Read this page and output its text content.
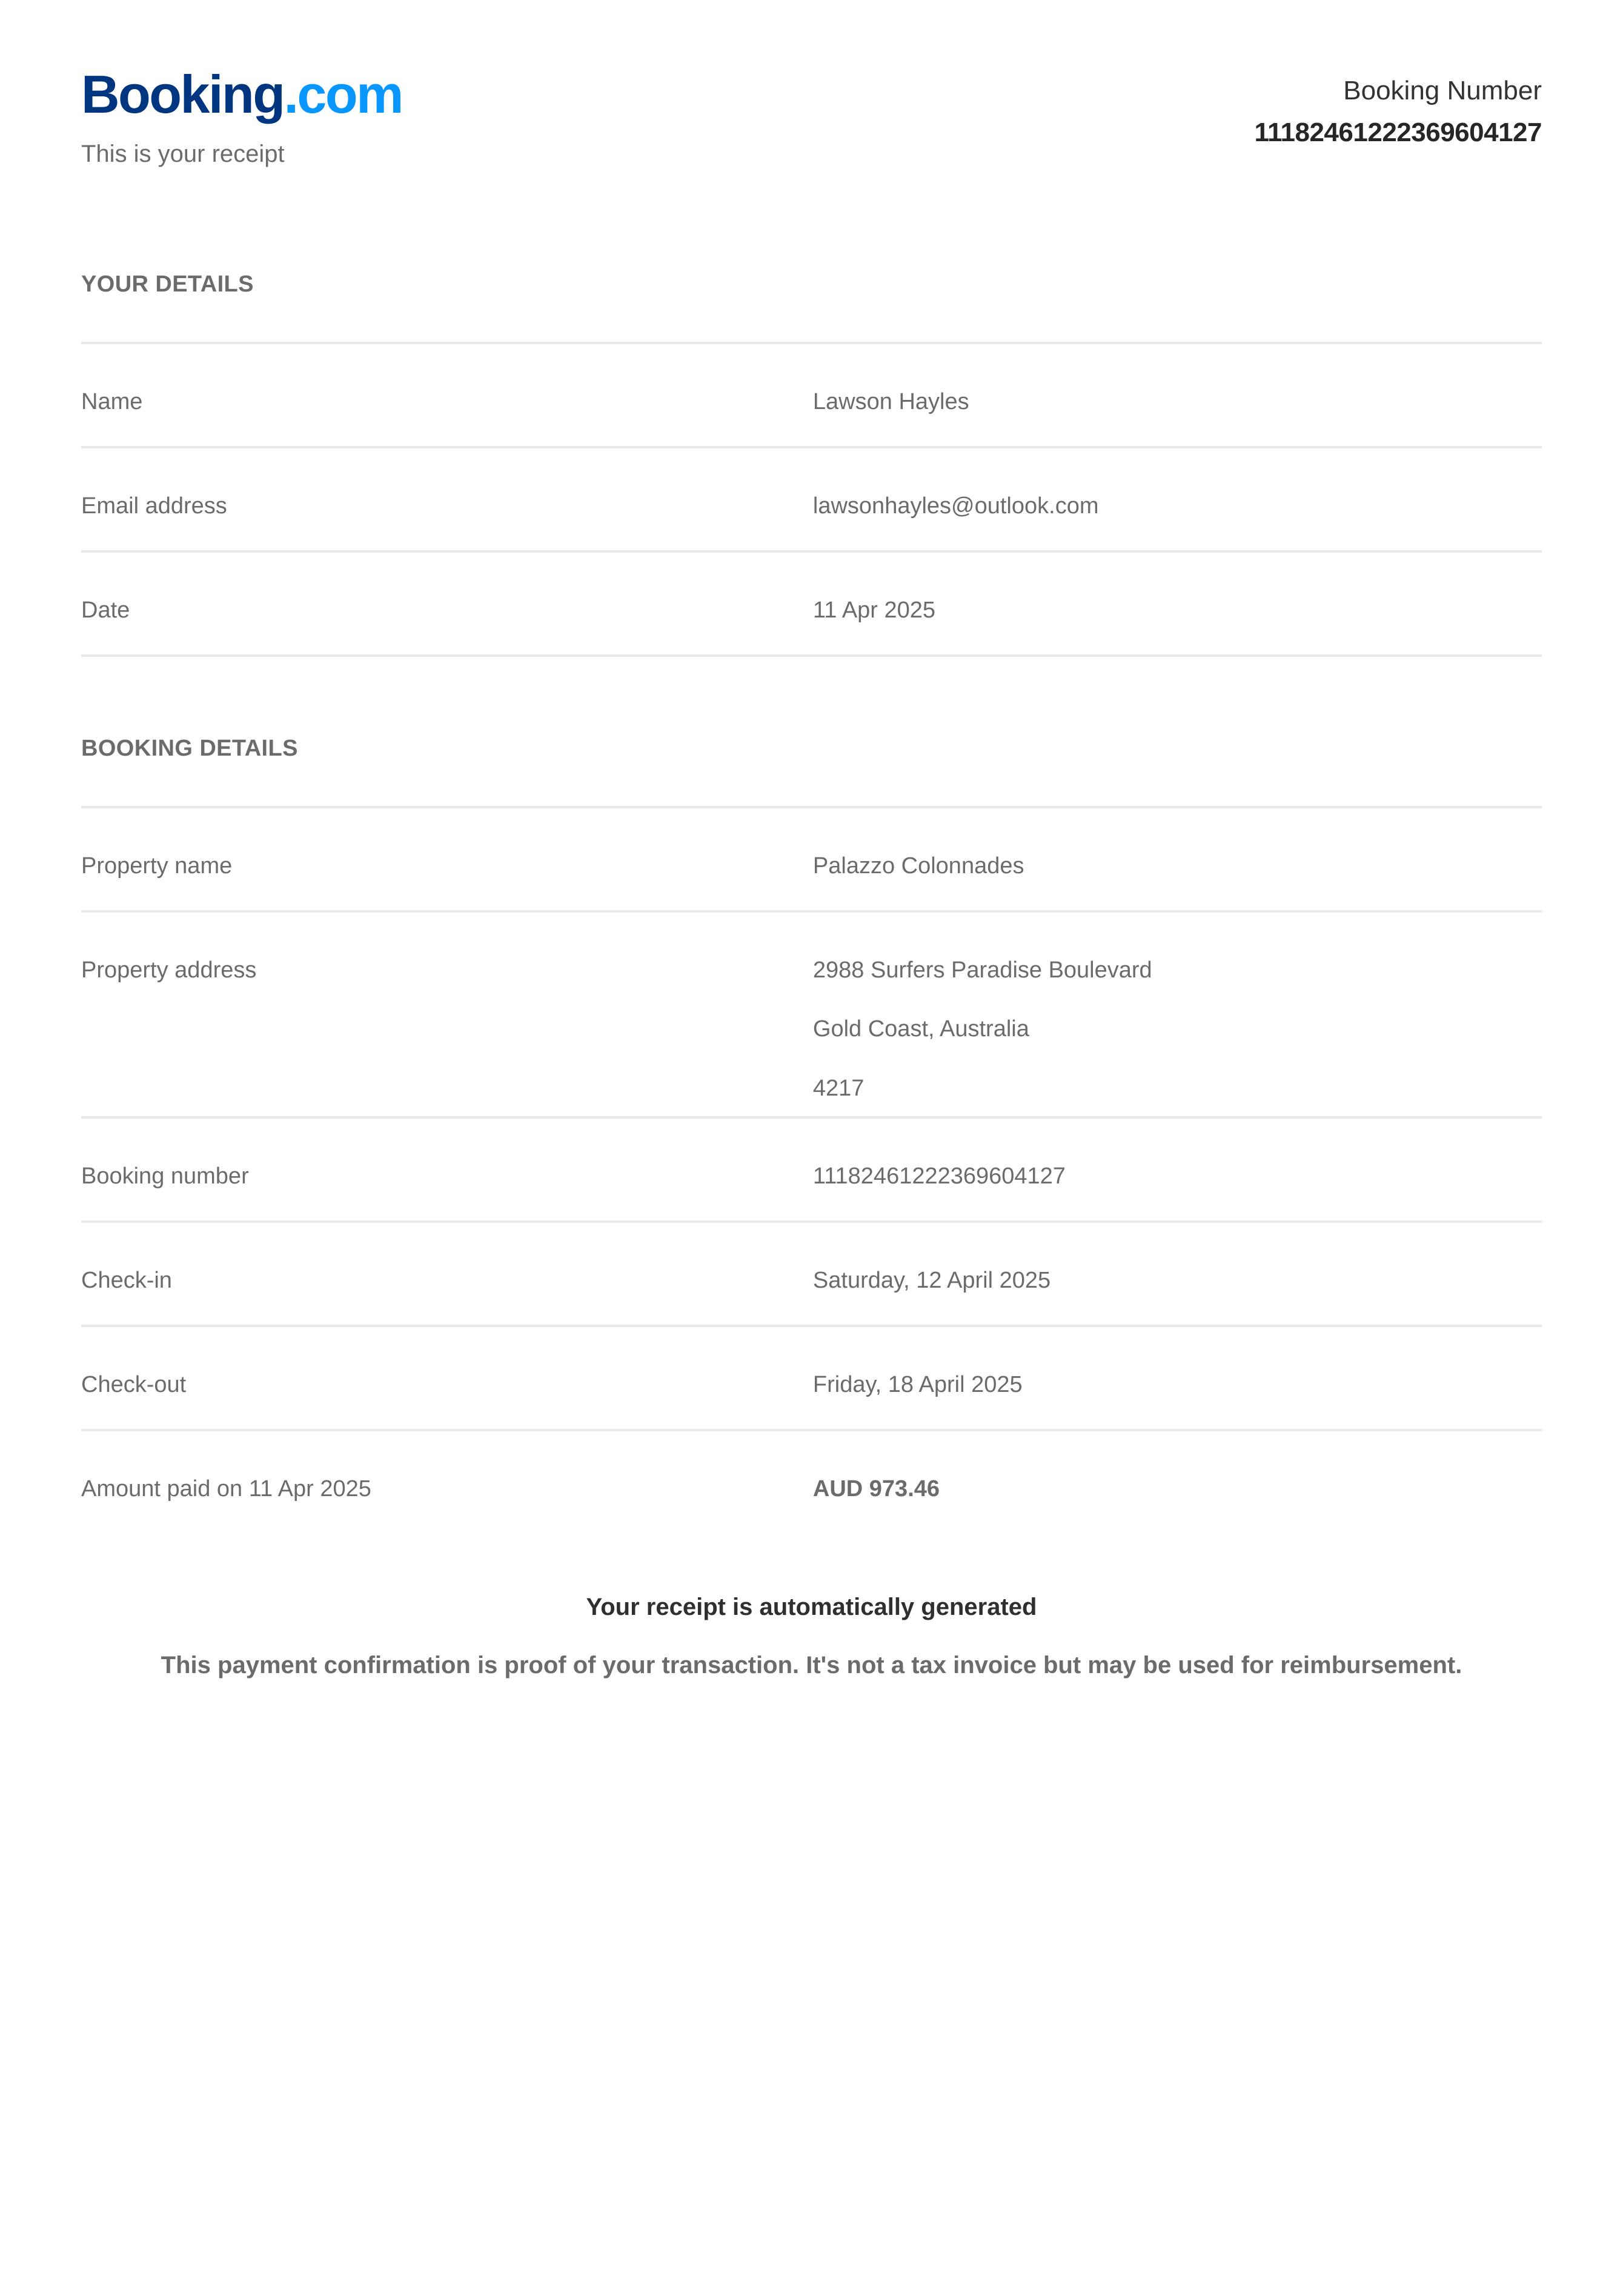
Booking.com
This is your receipt
Booking Number
11182461222369604127
YOUR DETAILS
Name	Lawson Hayles
Email address	lawsonhayles@outlook.com
Date	11 Apr 2025
BOOKING DETAILS
Property name	Palazzo Colonnades
Property address	2988 Surfers Paradise Boulevard
Gold Coast, Australia
4217
Booking number	11182461222369604127
Check-in	Saturday, 12 April 2025
Check-out	Friday, 18 April 2025
Amount paid on 11 Apr 2025	AUD 973.46
Your receipt is automatically generated
This payment confirmation is proof of your transaction. It's not a tax invoice but may be used for reimbursement.
